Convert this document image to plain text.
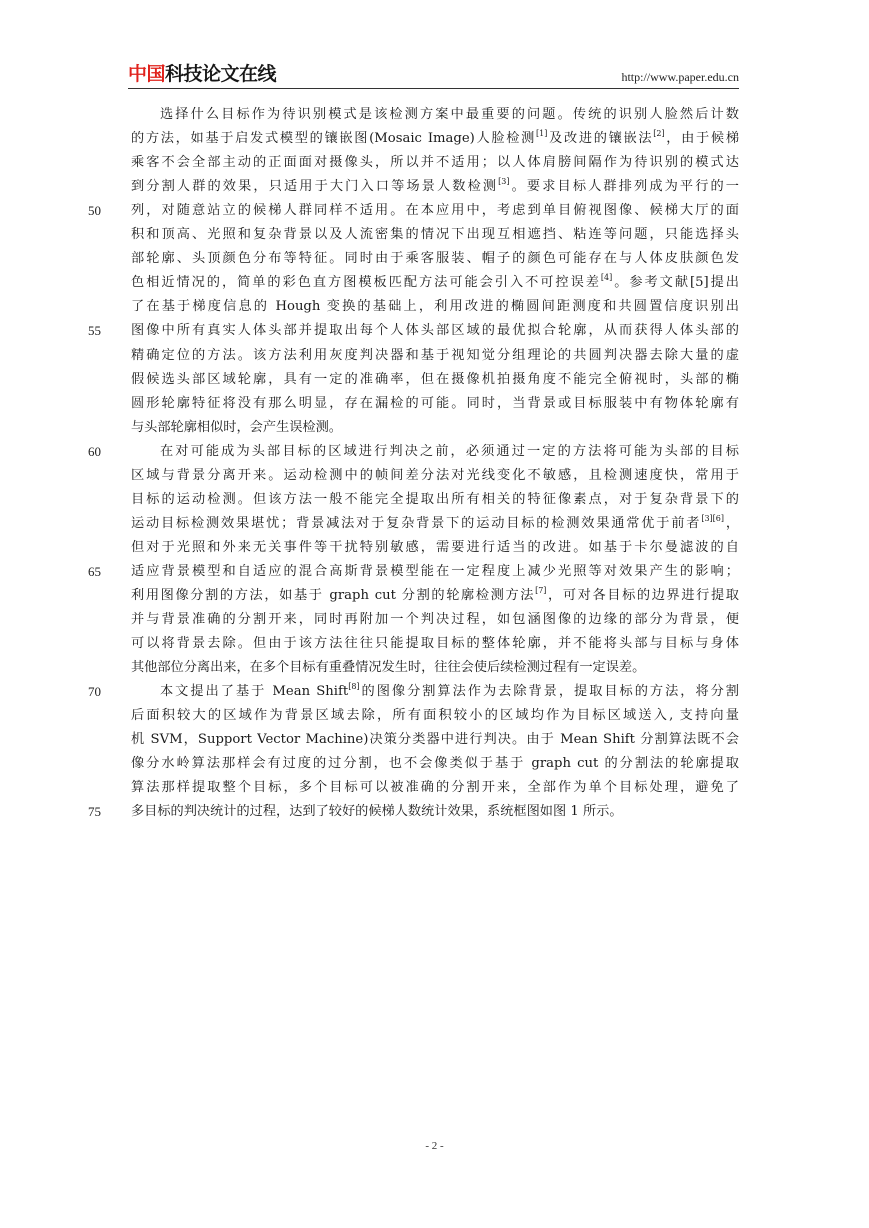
中国科技论文在线	http://www.paper.edu.cn
选择什么目标作为待识别模式是该检测方案中最重要的问题。传统的识别人脸然后计数
的方法，如基于启发式模型的镶嵌图(Mosaic Image)人脸检测[1]及改进的镶嵌法[2]，由于候梯
乘客不会全部主动的正面面对摄像头，所以并不适用；以人体肩膀间隔作为待识别的模式达
到分割人群的效果，只适用于大门入口等场景人数检测[3]。要求目标人群排列成为平行的一
列，对随意站立的候梯人群同样不适用。在本应用中，考虑到单目俯视图像、候梯大厅的面
积和顶高、光照和复杂背景以及人流密集的情况下出现互相遮挡、粘连等问题，只能选择头
部轮廓、头顶颜色分布等特征。同时由于乘客服装、帽子的颜色可能存在与人体皮肤颜色发
色相近情况的，简单的彩色直方图模板匹配方法可能会引入不可控误差[4]。参考文献[5]提出
了在基于梯度信息的 Hough 变换的基础上，利用改进的椭圆间距测度和共圆置信度识别出
图像中所有真实人体头部并提取出每个人体头部区域的最优拟合轮廓，从而获得人体头部的
精确定位的方法。该方法利用灰度判决器和基于视知觉分组理论的共圆判决器去除大量的虚
假候选头部区域轮廓，具有一定的准确率，但在摄像机拍摄角度不能完全俯视时，头部的椭
圆形轮廓特征将没有那么明显，存在漏检的可能。同时，当背景或目标服装中有物体轮廓有
与头部轮廓相似时，会产生误检测。
在对可能成为头部目标的区域进行判决之前，必须通过一定的方法将可能为头部的目标
区域与背景分离开来。运动检测中的帧间差分法对光线变化不敏感，且检测速度快，常用于
目标的运动检测。但该方法一般不能完全提取出所有相关的特征像素点，对于复杂背景下的
运动目标检测效果堪忧；背景减法对于复杂背景下的运动目标的检测效果通常优于前者[3][6]，
但对于光照和外来无关事件等干扰特别敏感，需要进行适当的改进。如基于卡尔曼滤波的自
适应背景模型和自适应的混合高斯背景模型能在一定程度上减少光照等对效果产生的影响；
利用图像分割的方法，如基于 graph cut 分割的轮廓检测方法[7]，可对各目标的边界进行提取
并与背景准确的分割开来，同时再附加一个判决过程，如包涵图像的边缘的部分为背景，便
可以将背景去除。但由于该方法往往只能提取目标的整体轮廓，并不能将头部与目标与身体
其他部位分离出来，在多个目标有重叠情况发生时，往往会使后续检测过程有一定误差。
本文提出了基于 Mean Shift[8]的图像分割算法作为去除背景，提取目标的方法，将分割
后面积较大的区域作为背景区域去除，所有面积较小的区域均作为目标区域送入, 支持向量
机 SVM，Support Vector Machine)决策分类器中进行判决。由于 Mean Shift 分割算法既不会
像分水岭算法那样会有过度的过分割，也不会像类似于基于 graph cut 的分割法的轮廓提取
算法那样提取整个目标，多个目标可以被准确的分割开来，全部作为单个目标处理，避免了
多目标的判决统计的过程，达到了较好的候梯人数统计效果，系统框图如图 1 所示。
50
55
60
65
70
75
- 2 -
